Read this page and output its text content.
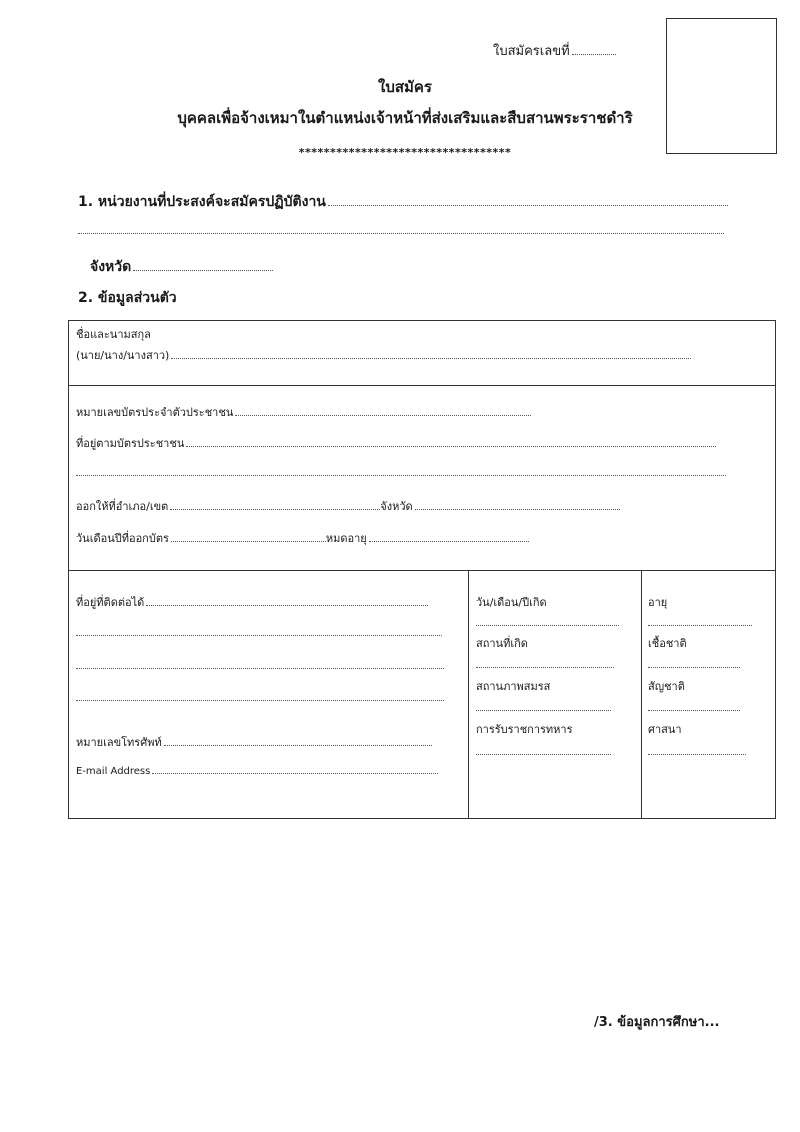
ใบสมัครเลขที่
ใบสมัคร
บุคคลเพื่อจ้างเหมาในตำแหน่งเจ้าหน้าที่ส่งเสริมและสืบสานพระราชดำริ
**********************************
1. หน่วยงานที่ประสงค์จะสมัครปฏิบัติงาน
จังหวัด
2. ข้อมูลส่วนตัว
ชื่อและนามสกุล
(นาย/นาง/นางสาว)
หมายเลขบัตรประจำตัวประชาชน
ที่อยู่ตามบัตรประชาชน
ออกให้ที่อำเภอ/เขต	จังหวัด
วันเดือนปีที่ออกบัตร	หมดอายุ
ที่อยู่ที่ติดต่อได้
หมายเลขโทรศัพท์
E-mail Address
วัน/เดือน/ปีเกิด
สถานที่เกิด
สถานภาพสมรส
การรับราชการทหาร
อายุ
เชื้อชาติ
สัญชาติ
ศาสนา
/3. ข้อมูลการศึกษา...
